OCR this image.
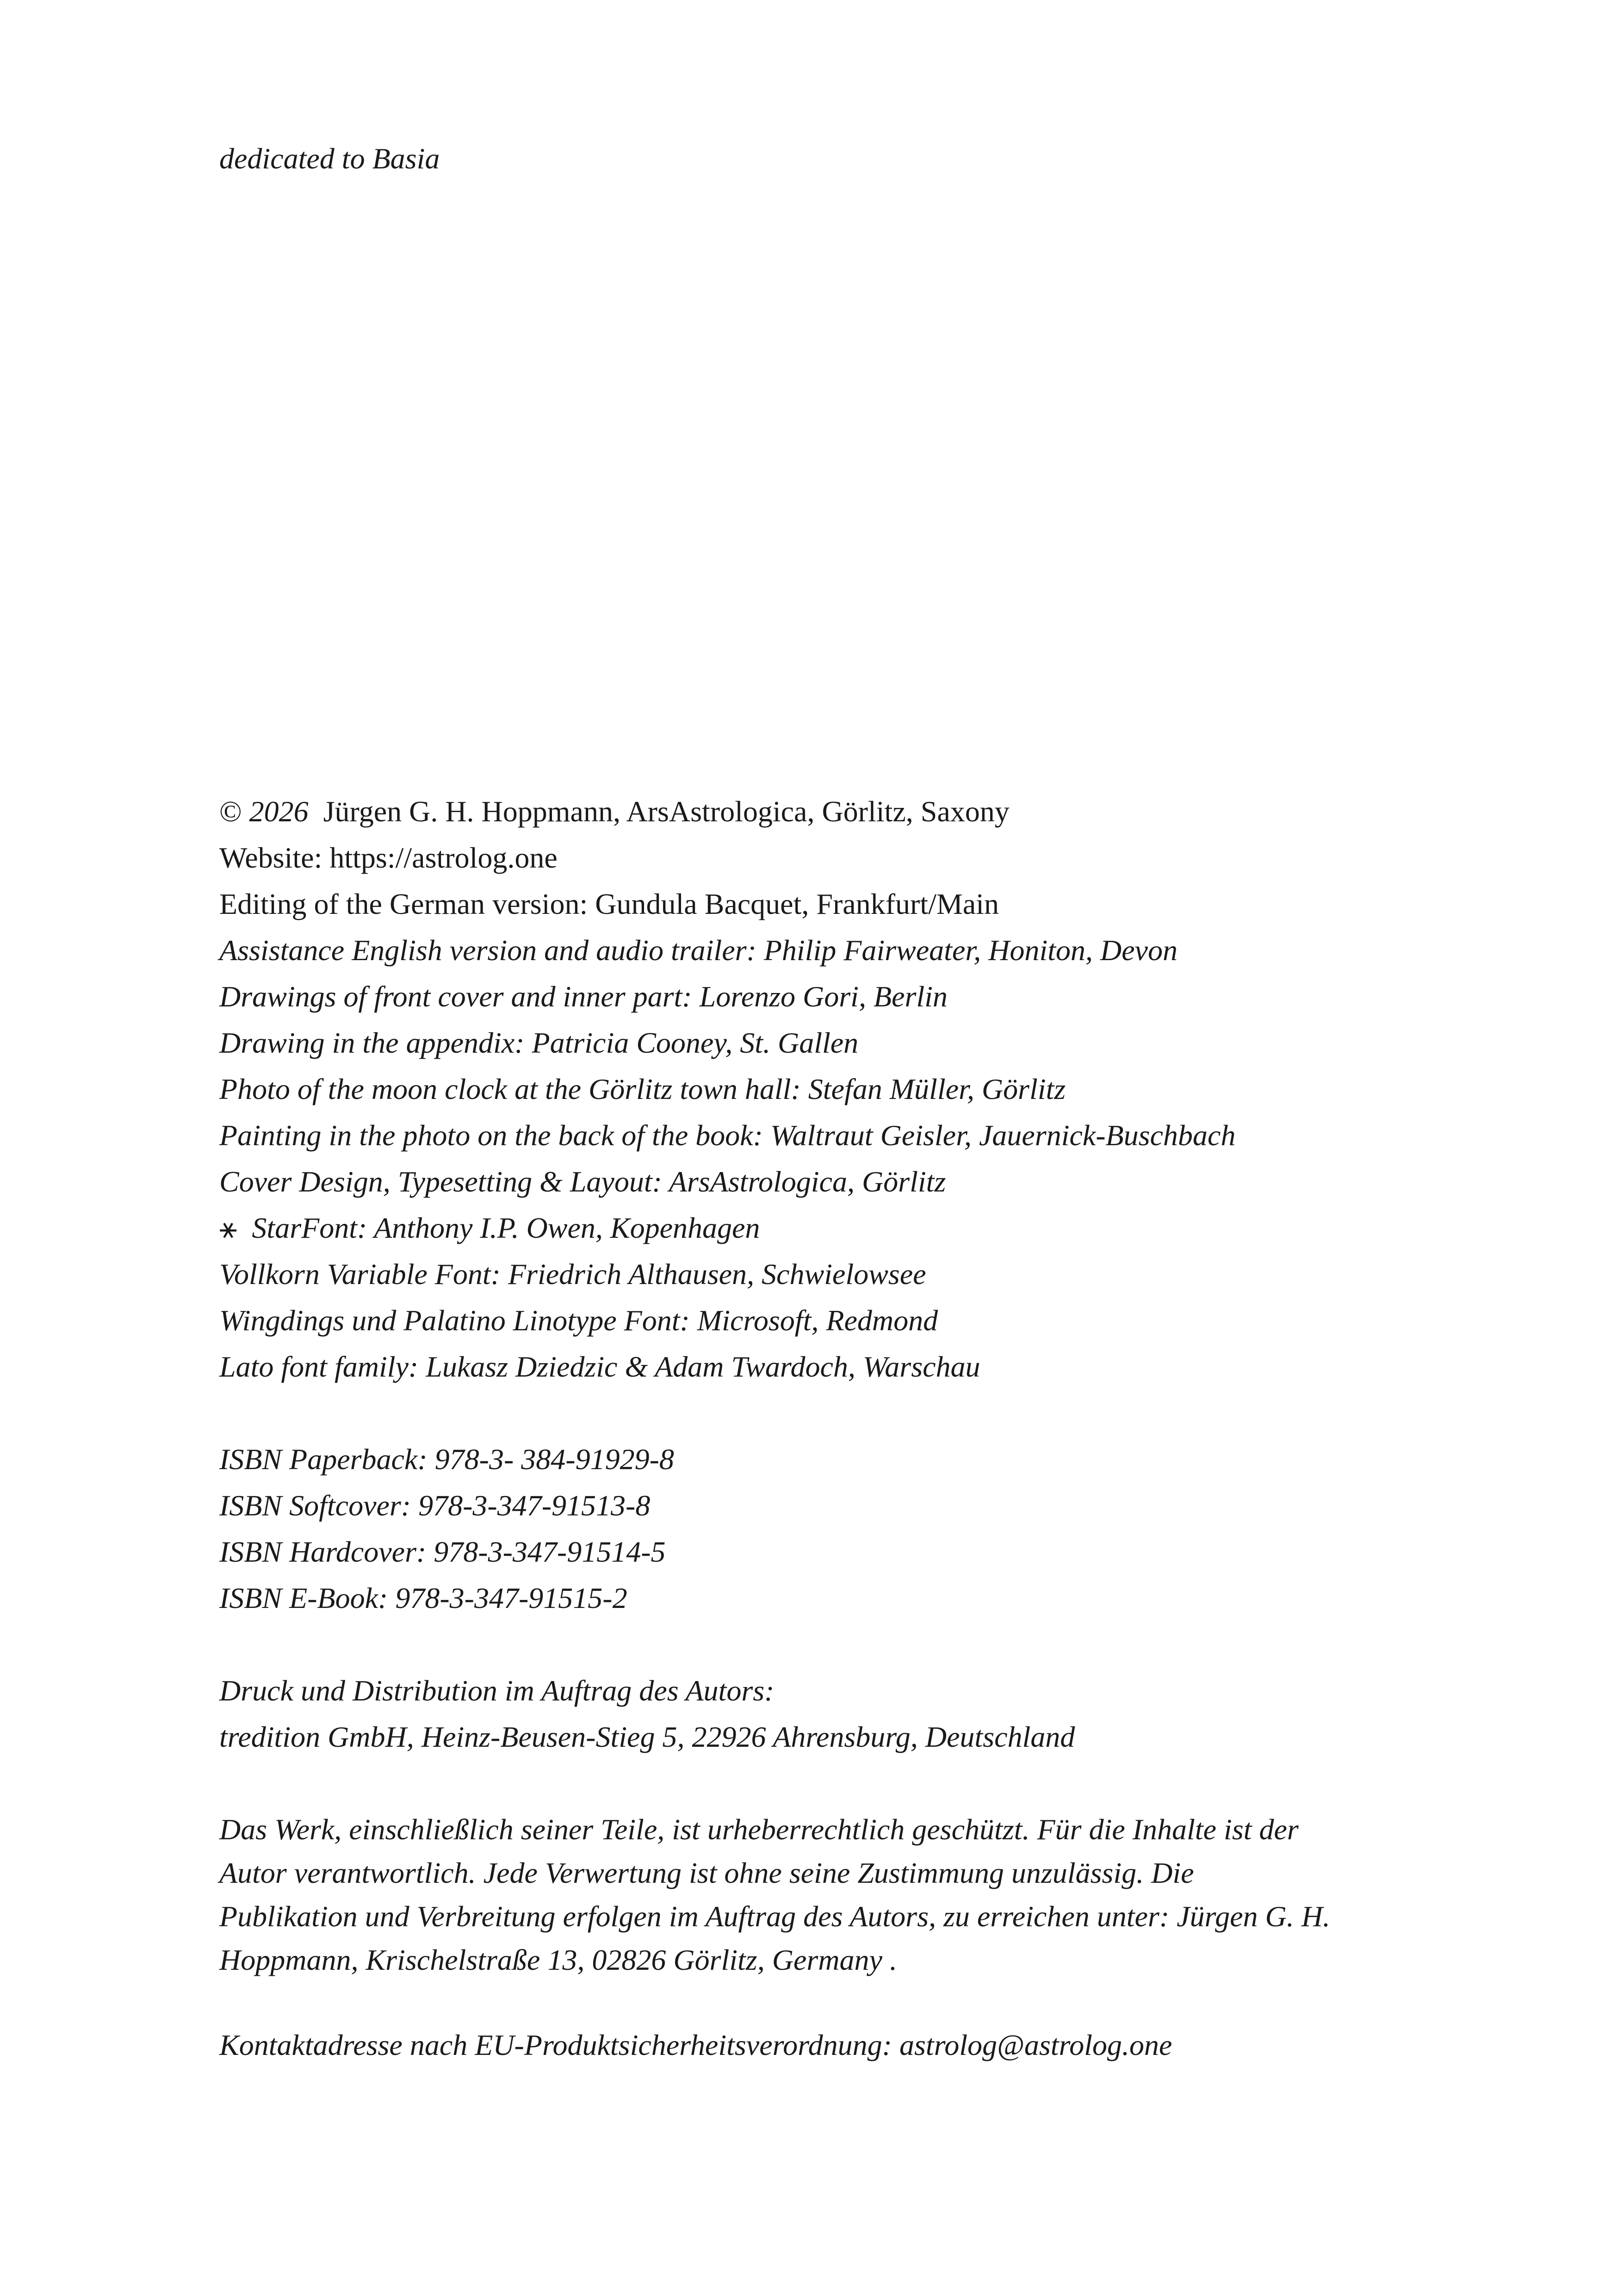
dedicated to Basia
© 2026 Jürgen G. H. Hoppmann, ArsAstrologica, Görlitz, Saxony
Website: https://astrolog.one
Editing of the German version: Gundula Bacquet, Frankfurt/Main
Assistance English version and audio trailer: Philip Fairweater, Honiton, Devon
Drawings of front cover and inner part: Lorenzo Gori, Berlin
Drawing in the appendix: Patricia Cooney, St. Gallen
Photo of the moon clock at the Görlitz town hall: Stefan Müller, Görlitz
Painting in the photo on the back of the book: Waltraut Geisler, Jauernick-Buschbach
Cover Design, Typesetting & Layout: ArsAstrologica, Görlitz
⚹ StarFont: Anthony I.P. Owen, Kopenhagen
Vollkorn Variable Font: Friedrich Althausen, Schwielowsee
Wingdings und Palatino Linotype Font: Microsoft, Redmond
Lato font family: Lukasz Dziedzic & Adam Twardoch, Warschau
ISBN Paperback: 978-3- 384-91929-8
ISBN Softcover: 978-3-347-91513-8
ISBN Hardcover: 978-3-347-91514-5
ISBN E-Book: 978-3-347-91515-2
Druck und Distribution im Auftrag des Autors:
tredition GmbH, Heinz-Beusen-Stieg 5, 22926 Ahrensburg, Deutschland
Das Werk, einschließlich seiner Teile, ist urheberrechtlich geschützt. Für die Inhalte ist der
Autor verantwortlich. Jede Verwertung ist ohne seine Zustimmung unzulässig. Die
Publikation und Verbreitung erfolgen im Auftrag des Autors, zu erreichen unter: Jürgen G. H.
Hoppmann, Krischelstraße 13, 02826 Görlitz, Germany .
Kontaktadresse nach EU-Produktsicherheitsverordnung: astrolog@astrolog.one
